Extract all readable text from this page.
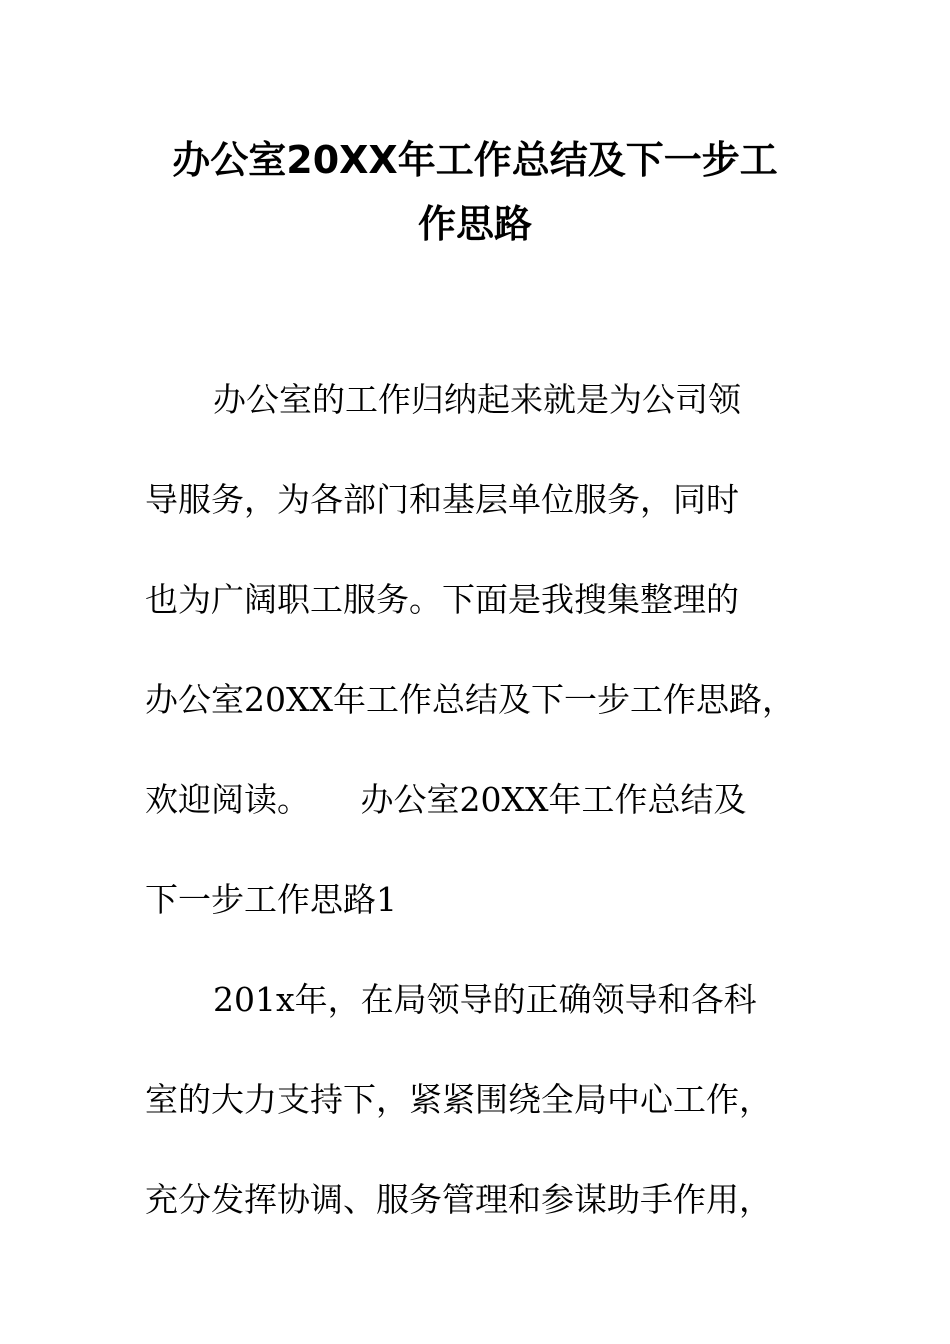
办公室20XX年工作总结及下一步工
作思路

办公室的工作归纳起来就是为公司领

导服务，为各部门和基层单位服务，同时

也为广阔职工服务。下面是我搜集整理的

办公室20XX年工作总结及下一步工作思路，

欢迎阅读。 办公室20XX年工作总结及

下一步工作思路1

201x年，在局领导的正确领导和各科

室的大力支持下，紧紧围绕全局中心工作，

充分发挥协调、服务管理和参谋助手作用，
